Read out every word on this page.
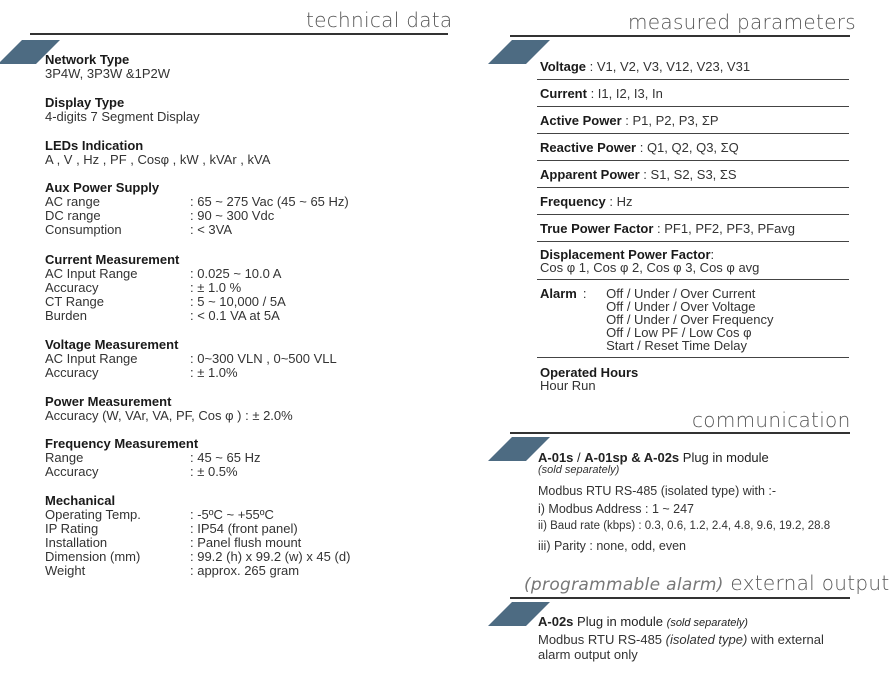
technical data
Network Type
3P4W, 3P3W &1P2W
Display Type
4-digits 7 Segment Display
LEDs Indication
A , V , Hz , PF , Cosφ , kW , kVAr , kVA
Aux Power Supply
AC range	: 65 ~ 275 Vac (45 ~ 65 Hz)
DC range	: 90 ~ 300 Vdc
Consumption	: < 3VA
Current Measurement
AC Input Range	: 0.025 ~ 10.0 A
Accuracy	: ± 1.0 %
CT Range	: 5 ~ 10,000 / 5A
Burden	: < 0.1 VA at 5A
Voltage Measurement
AC Input Range	: 0~300 VLN , 0~500 VLL
Accuracy	: ± 1.0%
Power Measurement
Accuracy (W, VAr, VA, PF, Cos φ ) : ± 2.0%
Frequency Measurement
Range	: 45 ~ 65 Hz
Accuracy	: ± 0.5%
Mechanical
Operating Temp.	: -5ºC ~ +55ºC
IP Rating	: IP54 (front panel)
Installation	: Panel flush mount
Dimension (mm)	: 99.2 (h) x 99.2 (w) x 45 (d)
Weight	: approx. 265 gram
measured parameters
Voltage : V1, V2, V3, V12, V23, V31
Current : I1, I2, I3, In
Active Power : P1, P2, P3, ΣP
Reactive Power : Q1, Q2, Q3, ΣQ
Apparent Power : S1, S2, S3, ΣS
Frequency : Hz
True Power Factor : PF1, PF2, PF3, PFavg
Displacement Power Factor:
Cos φ 1, Cos φ 2, Cos φ 3, Cos φ avg
Alarm : Off / Under / Over Current
Off / Under / Over Voltage
Off / Under / Over Frequency
Off / Low PF / Low Cos φ
Start / Reset Time Delay
Operated Hours
Hour Run
communication
A-01s / A-01sp & A-02s Plug in module
(sold separately)
Modbus RTU RS-485 (isolated type) with :-
i) Modbus Address : 1 ~ 247
ii) Baud rate (kbps) : 0.3, 0.6, 1.2, 2.4, 4.8, 9.6, 19.2, 28.8
iii) Parity : none, odd, even
(programmable alarm) external output
A-02s Plug in module (sold separately)
Modbus RTU RS-485 (isolated type) with external
alarm output only
